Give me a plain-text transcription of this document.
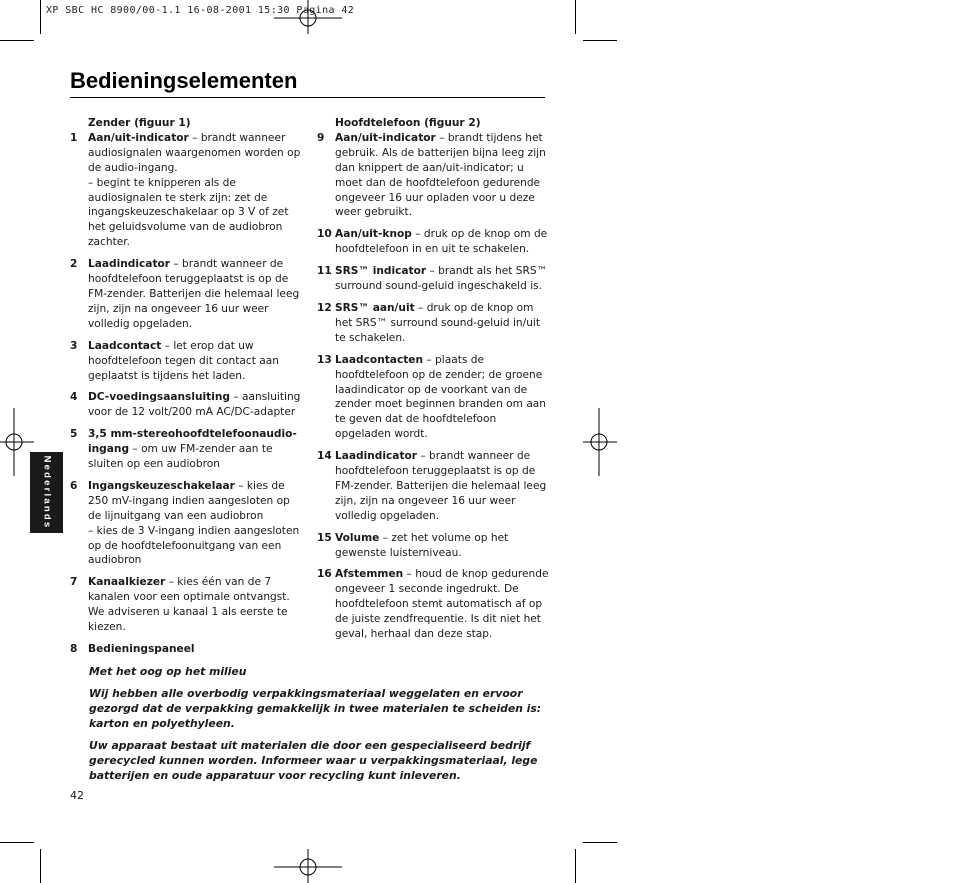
XP SBC HC 8900/00-1.1 16-08-2001 15:30 Pagina 42
Bedieningselementen
Zender (figuur 1)
1 Aan/uit-indicator – brandt wanneer audiosignalen waargenomen worden op de audio-ingang.
– begint te knipperen als de audiosignalen te sterk zijn: zet de ingangskeuzeschakelaar op 3 V of zet het geluidsvolume van de audiobron zachter.
2 Laadindicator – brandt wanneer de hoofdtelefoon teruggeplaatst is op de FM-zender. Batterijen die helemaal leeg zijn, zijn na ongeveer 16 uur weer volledig opgeladen.
3 Laadcontact – let erop dat uw hoofdtelefoon tegen dit contact aan geplaatst is tijdens het laden.
4 DC-voedingsaansluiting – aansluiting voor de 12 volt/200 mA AC/DC-adapter
5 3,5 mm-stereohoofdtelefoonaudio-ingang – om uw FM-zender aan te sluiten op een audiobron
6 Ingangskeuzeschakelaar – kies de 250 mV-ingang indien aangesloten op de lijnuitgang van een audiobron
– kies de 3 V-ingang indien aangesloten op de hoofdtelefoonuitgang van een audiobron
7 Kanaalkiezer – kies één van de 7 kanalen voor een optimale ontvangst. We adviseren u kanaal 1 als eerste te kiezen.
8 Bedieningspaneel
Hoofdtelefoon (figuur 2)
9 Aan/uit-indicator – brandt tijdens het gebruik. Als de batterijen bijna leeg zijn dan knippert de aan/uit-indicator; u moet dan de hoofdtelefoon gedurende ongeveer 16 uur opladen voor u deze weer gebruikt.
10 Aan/uit-knop – druk op de knop om de hoofdtelefoon in en uit te schakelen.
11 SRS™ indicator – brandt als het SRS™ surround sound-geluid ingeschakeld is.
12 SRS™ aan/uit – druk op de knop om het SRS™ surround sound-geluid in/uit te schakelen.
13 Laadcontacten – plaats de hoofdtelefoon op de zender; de groene laadindicator op de voorkant van de zender moet beginnen branden om aan te geven dat de hoofdtelefoon opgeladen wordt.
14 Laadindicator – brandt wanneer de hoofdtelefoon teruggeplaatst is op de FM-zender. Batterijen die helemaal leeg zijn, zijn na ongeveer 16 uur weer volledig opgeladen.
15 Volume – zet het volume op het gewenste luisterniveau.
16 Afstemmen – houd de knop gedurende ongeveer 1 seconde ingedrukt. De hoofdtelefoon stemt automatisch af op de juiste zendfrequentie. Is dit niet het geval, herhaal dan deze stap.
Nederlands

Met het oog op het milieu

Wij hebben alle overbodig verpakkingsmateriaal weggelaten en ervoor gezorgd dat de verpakking gemakkelijk in twee materialen te scheiden is: karton en polyethyleen.

Uw apparaat bestaat uit materialen die door een gespecialiseerd bedrijf gerecycled kunnen worden. Informeer waar u verpakkingsmateriaal, lege batterijen en oude apparatuur voor recycling kunt inleveren.

42
